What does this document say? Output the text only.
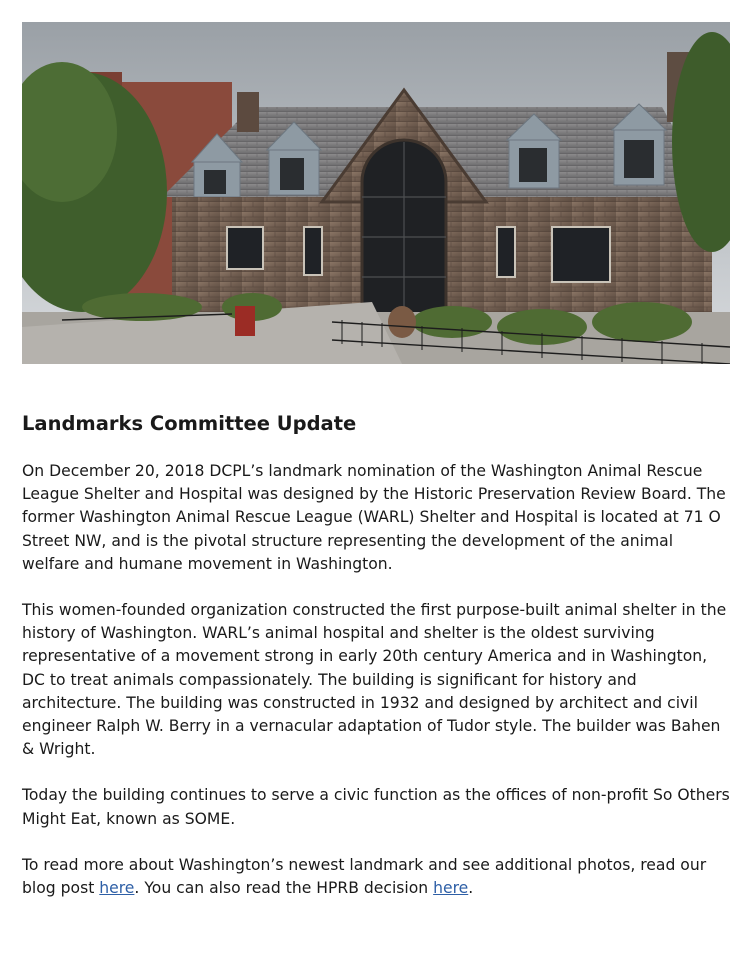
Landmarks Committee Update

On December 20, 2018 DCPL’s landmark nomination of the Washington Animal Rescue League Shelter and Hospital was designed by the Historic Preservation Review Board. The former Washington Animal Rescue League (WARL) Shelter and Hospital is located at 71 O Street NW, and is the pivotal structure representing the development of the animal welfare and humane movement in Washington.

This women-founded organization constructed the first purpose-built animal shelter in the history of Washington. WARL’s animal hospital and shelter is the oldest surviving representative of a movement strong in early 20th century America and in Washington, DC to treat animals compassionately. The building is significant for history and architecture. The building was constructed in 1932 and designed by architect and civil engineer Ralph W. Berry in a vernacular adaptation of Tudor style. The builder was Bahen & Wright.

Today the building continues to serve a civic function as the offices of non-profit So Others Might Eat, known as SOME.

To read more about Washington’s newest landmark and see additional photos, read our blog post here. You can also read the HPRB decision here.
